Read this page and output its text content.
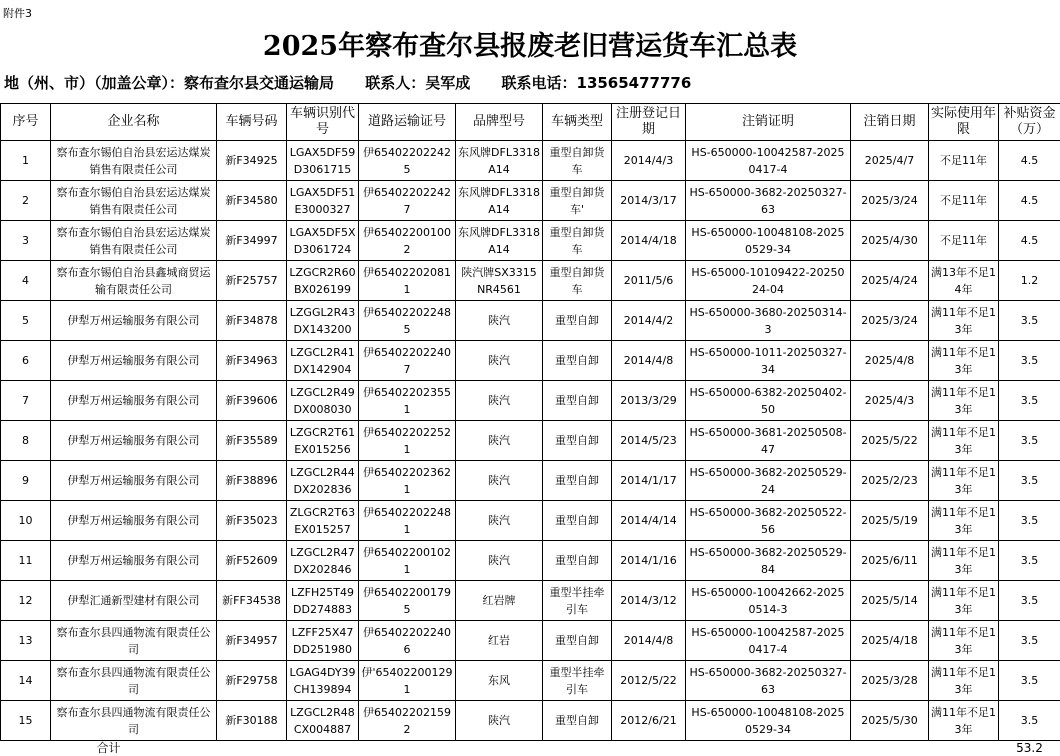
附件3
2025年察布查尔县报废老旧营运货车汇总表
地（州、市）（加盖公章）：察布查尔县交通运输局 联系人：吴军成 联系电话：13565477776
序号	企业名称	车辆号码	车辆识别代号	道路运输证号	品牌型号	车辆类型	注册登记日期	注销证明	注销日期	实际使用年限	补贴资金（万）
1	察布查尔锡伯自治县宏运达煤炭销售有限责任公司	新F34925	LGAX5DF59D3061715	伊654022022425	东风牌DFL3318A14	重型自卸货车	2014/4/3	HS-650000-10042587-20250417-4	2025/4/7	不足11年	4.5
2	察布查尔锡伯自治县宏运达煤炭销售有限责任公司	新F34580	LGAX5DF51E3000327	伊654022022427	东风牌DFL3318A14	重型自卸货车'	2014/3/17	HS-650000-3682-20250327-63	2025/3/24	不足11年	4.5
3	察布查尔锡伯自治县宏运达煤炭销售有限责任公司	新F34997	LGAX5DF5XD3061724	伊654022001002	东风牌DFL3318A14	重型自卸货车	2014/4/18	HS-650000-10048108-20250529-34	2025/4/30	不足11年	4.5
4	察布查尔锡伯自治县鑫城商贸运输有限责任公司	新F25757	LZGCR2R60BX026199	伊654022020811	陕汽牌SX3315NR4561	重型自卸货车	2011/5/6	HS-65000-10109422-2025024-04	2025/4/24	满13年不足14年	1.2
5	伊犁万州运输服务有限公司	新F34878	LZGGL2R43DX143200	伊654022022485	陕汽	重型自卸	2014/4/2	HS-650000-3680-20250314-3	2025/3/24	满11年不足13年	3.5
6	伊犁万州运输服务有限公司	新F34963	LZGCL2R41DX142904	伊654022022407	陕汽	重型自卸	2014/4/8	HS-650000-1011-20250327-34	2025/4/8	满11年不足13年	3.5
7	伊犁万州运输服务有限公司	新F39606	LZGCL2R49DX008030	伊654022023551	陕汽	重型自卸	2013/3/29	HS-650000-6382-20250402-50	2025/4/3	满11年不足13年	3.5
8	伊犁万州运输服务有限公司	新F35589	LZGCR2T61EX015256	伊654022022521	陕汽	重型自卸	2014/5/23	HS-650000-3681-20250508-47	2025/5/22	满11年不足13年	3.5
9	伊犁万州运输服务有限公司	新F38896	LZGCL2R44DX202836	伊654022023621	陕汽	重型自卸	2014/1/17	HS-650000-3682-20250529-24	2025/2/23	满11年不足13年	3.5
10	伊犁万州运输服务有限公司	新F35023	ZLGCR2T63EX015257	伊654022022481	陕汽	重型自卸	2014/4/14	HS-650000-3682-20250522-56	2025/5/19	满11年不足13年	3.5
11	伊犁万州运输服务有限公司	新F52609	LZGCL2R47DX202846	伊654022001021	陕汽	重型自卸	2014/1/16	HS-650000-3682-20250529-84	2025/6/11	满11年不足13年	3.5
12	伊犁汇通新型建材有限公司	新FF34538	LZFH25T49DD274883	伊654022001795	红岩牌	重型半挂牵引车	2014/3/12	HS-650000-10042662-20250514-3	2025/5/14	满11年不足13年	3.5
13	察布查尔县四通物流有限责任公司	新F34957	LZFF25X47DD251980	伊654022022406	红岩	重型自卸	2014/4/8	HS-650000-10042587-20250417-4	2025/4/18	满11年不足13年	3.5
14	察布查尔县四通物流有限责任公司	新F29758	LGAG4DY39CH139894	伊'654022001291	东风	重型半挂牵引车	2012/5/22	HS-650000-3682-20250327-63	2025/3/28	满11年不足13年	3.5
15	察布查尔县四通物流有限责任公司	新F30188	LZGCL2R48CX004887	伊654022021592	陕汽	重型自卸	2012/6/21	HS-650000-10048108-20250529-34	2025/5/30	满11年不足13年	3.5
合计											53.2
